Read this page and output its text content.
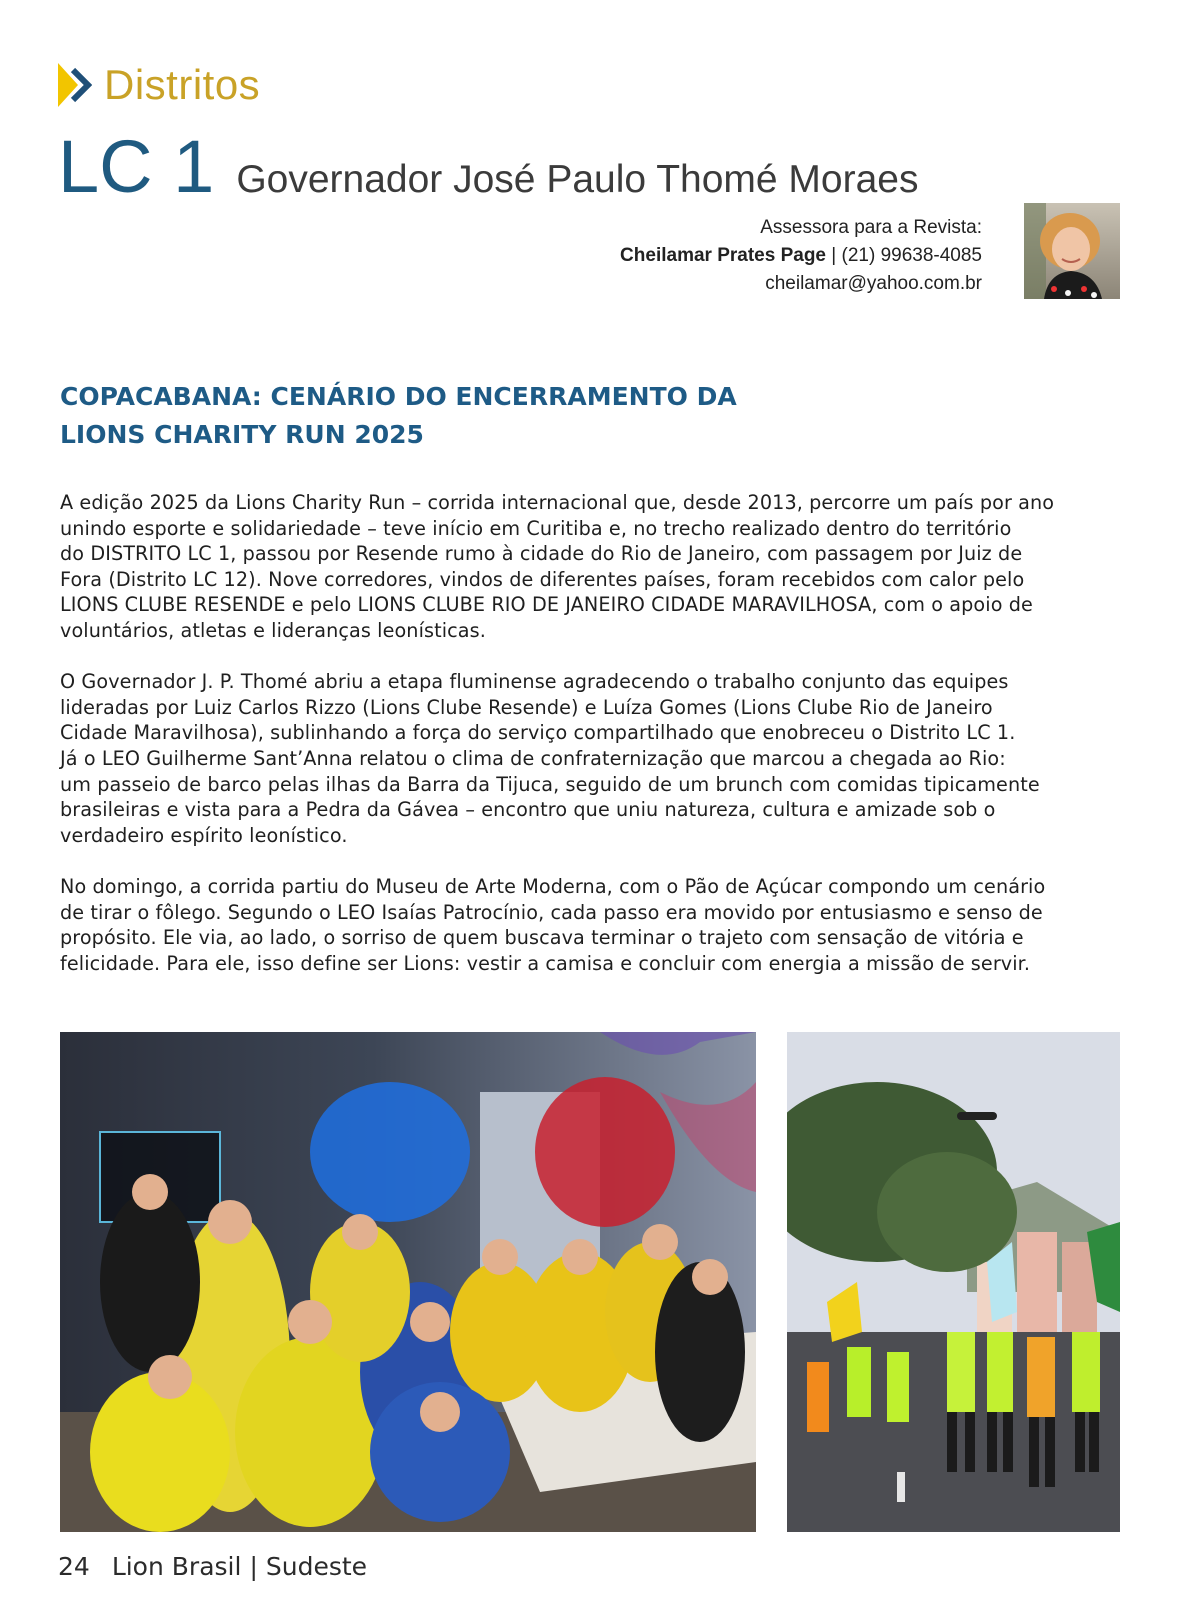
Distritos
LC 1 Governador José Paulo Thomé Moraes
Assessora para a Revista:
Cheilamar Prates Page | (21) 99638-4085
cheilamar@yahoo.com.br
COPACABANA: CENÁRIO DO ENCERRAMENTO DA
LIONS CHARITY RUN 2025

A edição 2025 da Lions Charity Run – corrida internacional que, desde 2013, percorre um país por ano
unindo esporte e solidariedade – teve início em Curitiba e, no trecho realizado dentro do território
do DISTRITO LC 1, passou por Resende rumo à cidade do Rio de Janeiro, com passagem por Juiz de
Fora (Distrito LC 12). Nove corredores, vindos de diferentes países, foram recebidos com calor pelo
LIONS CLUBE RESENDE e pelo LIONS CLUBE RIO DE JANEIRO CIDADE MARAVILHOSA, com o apoio de
voluntários, atletas e lideranças leonísticas.

O Governador J. P. Thomé abriu a etapa fluminense agradecendo o trabalho conjunto das equipes
lideradas por Luiz Carlos Rizzo (Lions Clube Resende) e Luíza Gomes (Lions Clube Rio de Janeiro
Cidade Maravilhosa), sublinhando a força do serviço compartilhado que enobreceu o Distrito LC 1.
Já o LEO Guilherme Sant’Anna relatou o clima de confraternização que marcou a chegada ao Rio:
um passeio de barco pelas ilhas da Barra da Tijuca, seguido de um brunch com comidas tipicamente
brasileiras e vista para a Pedra da Gávea – encontro que uniu natureza, cultura e amizade sob o
verdadeiro espírito leonístico.

No domingo, a corrida partiu do Museu de Arte Moderna, com o Pão de Açúcar compondo um cenário
de tirar o fôlego. Segundo o LEO Isaías Patrocínio, cada passo era movido por entusiasmo e senso de
propósito. Ele via, ao lado, o sorriso de quem buscava terminar o trajeto com sensação de vitória e
felicidade. Para ele, isso define ser Lions: vestir a camisa e concluir com energia a missão de servir.

24 Lion Brasil | Sudeste
